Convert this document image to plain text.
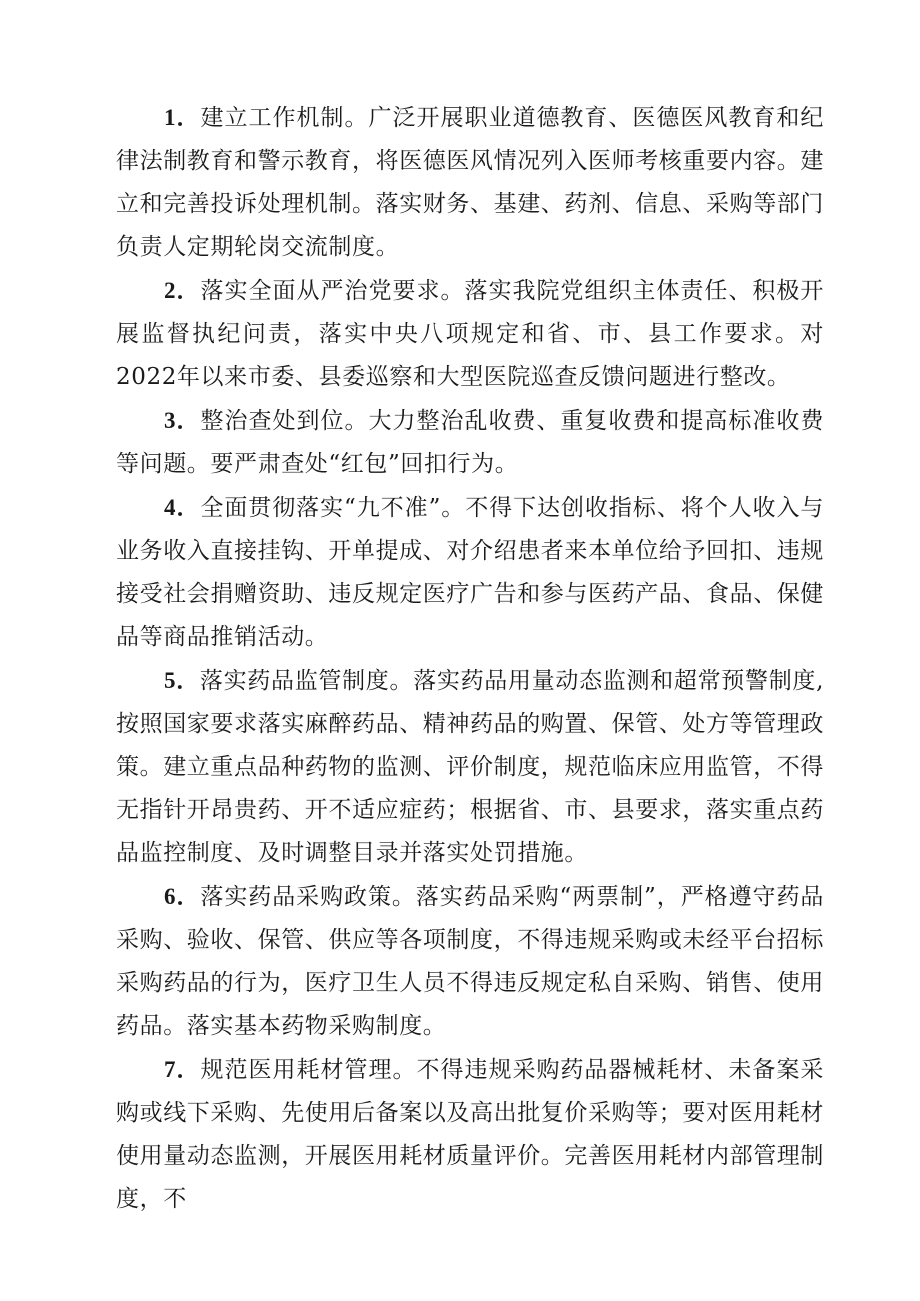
1．建立工作机制。广泛开展职业道德教育、医德医风教育和纪律法制教育和警示教育，将医德医风情况列入医师考核重要内容。建立和完善投诉处理机制。落实财务、基建、药剂、信息、采购等部门负责人定期轮岗交流制度。

2．落实全面从严治党要求。落实我院党组织主体责任、积极开展监督执纪问责，落实中央八项规定和省、市、县工作要求。对2022年以来市委、县委巡察和大型医院巡查反馈问题进行整改。

3．整治查处到位。大力整治乱收费、重复收费和提高标准收费等问题。要严肃查处“红包”回扣行为。

4．全面贯彻落实“九不准”。不得下达创收指标、将个人收入与业务收入直接挂钩、开单提成、对介绍患者来本单位给予回扣、违规接受社会捐赠资助、违反规定医疗广告和参与医药产品、食品、保健品等商品推销活动。

5．落实药品监管制度。落实药品用量动态监测和超常预警制度,按照国家要求落实麻醉药品、精神药品的购置、保管、处方等管理政策。建立重点品种药物的监测、评价制度，规范临床应用监管，不得无指针开昂贵药、开不适应症药；根据省、市、县要求，落实重点药品监控制度、及时调整目录并落实处罚措施。

6．落实药品采购政策。落实药品采购“两票制”，严格遵守药品采购、验收、保管、供应等各项制度，不得违规采购或未经平台招标采购药品的行为，医疗卫生人员不得违反规定私自采购、销售、使用药品。落实基本药物采购制度。

7．规范医用耗材管理。不得违规采购药品器械耗材、未备案采购或线下采购、先使用后备案以及高出批复价采购等；要对医用耗材使用量动态监测，开展医用耗材质量评价。完善医用耗材内部管理制度，不
